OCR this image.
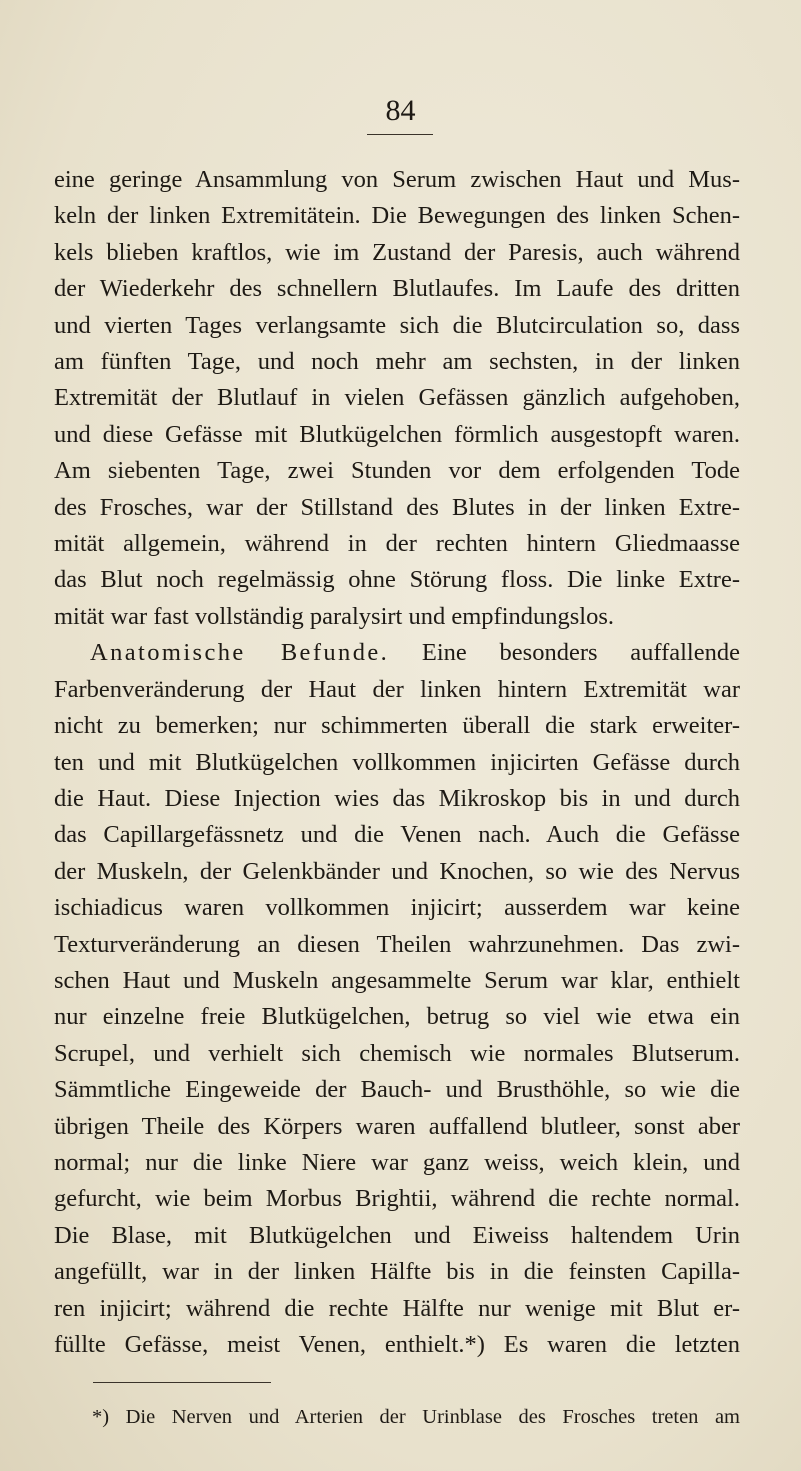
84
eine geringe Ansammlung von Serum zwischen Haut und Mus-
keln der linken Extremitätein. Die Bewegungen des linken Schen-
kels blieben kraftlos, wie im Zustand der Paresis, auch während
der Wiederkehr des schnellern Blutlaufes. Im Laufe des dritten
und vierten Tages verlangsamte sich die Blutcirculation so, dass
am fünften Tage, und noch mehr am sechsten, in der linken
Extremität der Blutlauf in vielen Gefässen gänzlich aufgehoben,
und diese Gefässe mit Blutkügelchen förmlich ausgestopft waren.
Am siebenten Tage, zwei Stunden vor dem erfolgenden Tode
des Frosches, war der Stillstand des Blutes in der linken Extre-
mität allgemein, während in der rechten hintern Gliedmaasse
das Blut noch regelmässig ohne Störung floss. Die linke Extre-
mität war fast vollständig paralysirt und empfindungslos.
Anatomische Befunde. Eine besonders auffallende
Farbenveränderung der Haut der linken hintern Extremität war
nicht zu bemerken; nur schimmerten überall die stark erweiter-
ten und mit Blutkügelchen vollkommen injicirten Gefässe durch
die Haut. Diese Injection wies das Mikroskop bis in und durch
das Capillargefässnetz und die Venen nach. Auch die Gefässe
der Muskeln, der Gelenkbänder und Knochen, so wie des Nervus
ischiadicus waren vollkommen injicirt; ausserdem war keine
Texturveränderung an diesen Theilen wahrzunehmen. Das zwi-
schen Haut und Muskeln angesammelte Serum war klar, enthielt
nur einzelne freie Blutkügelchen, betrug so viel wie etwa ein
Scrupel, und verhielt sich chemisch wie normales Blutserum.
Sämmtliche Eingeweide der Bauch- und Brusthöhle, so wie die
übrigen Theile des Körpers waren auffallend blutleer, sonst aber
normal; nur die linke Niere war ganz weiss, weich klein, und
gefurcht, wie beim Morbus Brightii, während die rechte normal.
Die Blase, mit Blutkügelchen und Eiweiss haltendem Urin
angefüllt, war in der linken Hälfte bis in die feinsten Capilla-
ren injicirt; während die rechte Hälfte nur wenige mit Blut er-
füllte Gefässe, meist Venen, enthielt.*) Es waren die letzten
*) Die Nerven und Arterien der Urinblase des Frosches treten am
